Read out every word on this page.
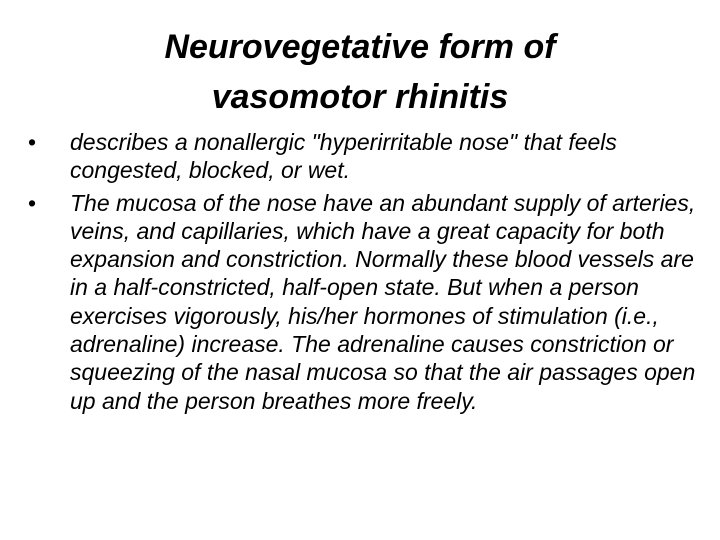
Neurovegetative form of
vasomotor rhinitis
•	describes a nonallergic "hyperirritable nose" that feels congested, blocked, or wet.
•	The mucosa of the nose have an abundant supply of arteries, veins, and capillaries, which have a great capacity for both expansion and constriction. Normally these blood vessels are in a half-constricted, half-open state. But when a person exercises vigorously, his/her hormones of stimulation (i.e., adrenaline) increase. The adrenaline causes constriction or squeezing of the nasal mucosa so that the air passages open up and the person breathes more freely.
